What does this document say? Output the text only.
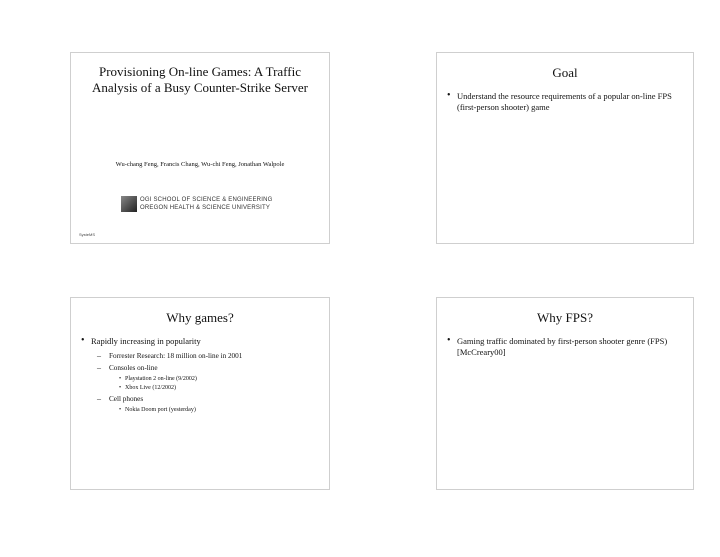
Provisioning On-line Games: A Traffic Analysis of a Busy Counter-Strike Server
Wu-chang Feng, Francis Chang, Wu-chi Feng, Jonathan Walpole
OGI SCHOOL OF SCIENCE & ENGINEERING
OREGON HEALTH & SCIENCE UNIVERSITY
SysteMS
Goal
• Understand the resource requirements of a popular on-line FPS (first-person shooter) game
Why games?
• Rapidly increasing in popularity
– Forrester Research: 18 million on-line in 2001
– Consoles on-line
• Playstation 2 on-line (9/2002)
• Xbox Live (12/2002)
– Cell phones
• Nokia Doom port (yesterday)
Why FPS?
• Gaming traffic dominated by first-person shooter genre (FPS) [McCreary00]
